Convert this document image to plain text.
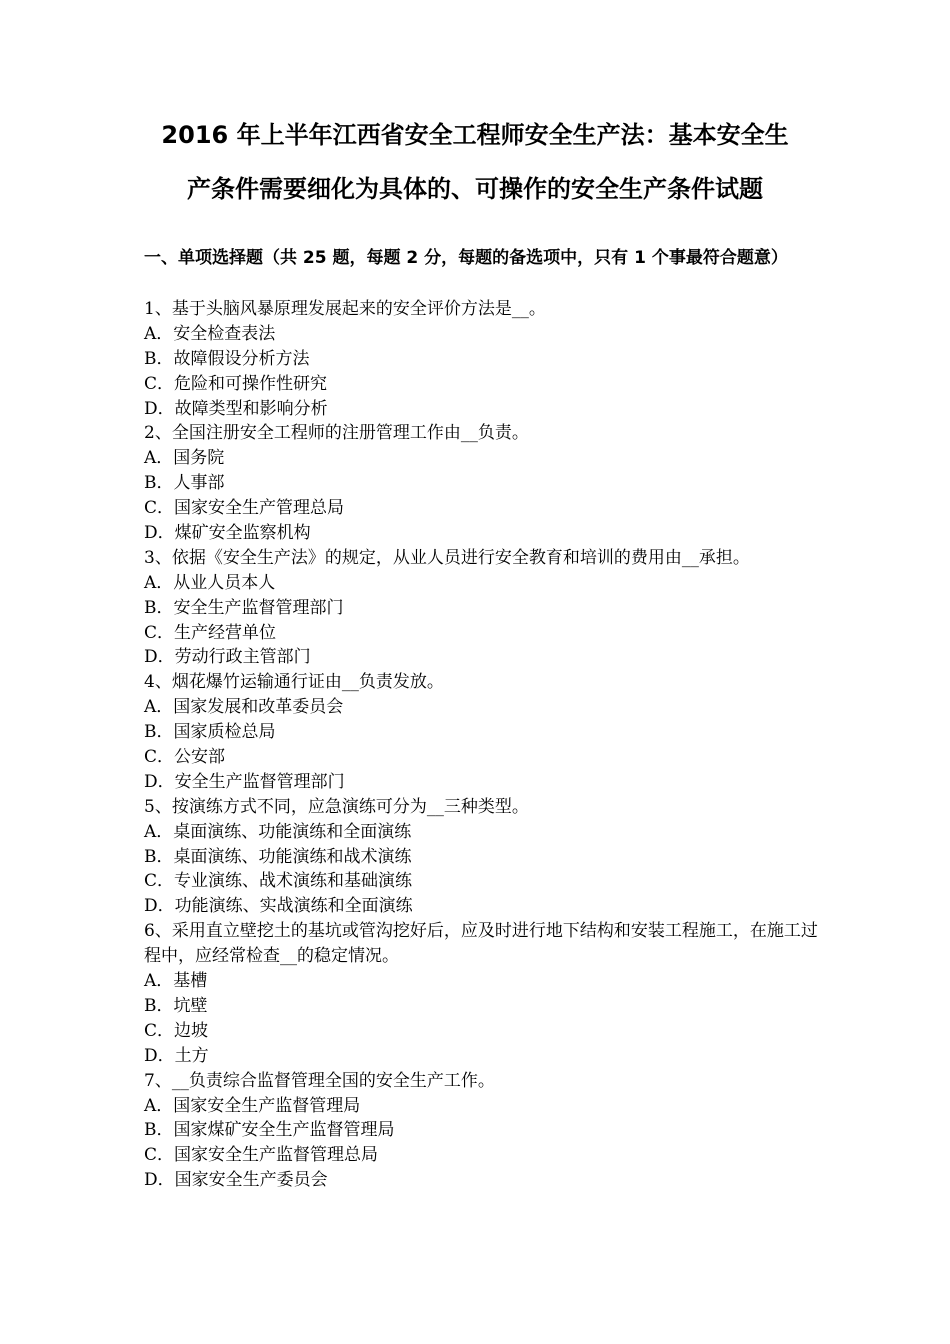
2016 年上半年江西省安全工程师安全生产法：基本安全生
产条件需要细化为具体的、可操作的安全生产条件试题
一、单项选择题（共 25 题，每题 2 分，每题的备选项中，只有 1 个事最符合题意）
1、基于头脑风暴原理发展起来的安全评价方法是__。
A．安全检查表法
B．故障假设分析方法
C．危险和可操作性研究
D．故障类型和影响分析
2、全国注册安全工程师的注册管理工作由__负责。
A．国务院
B．人事部
C．国家安全生产管理总局
D．煤矿安全监察机构
3、依据《安全生产法》的规定，从业人员进行安全教育和培训的费用由__承担。
A．从业人员本人
B．安全生产监督管理部门
C．生产经营单位
D．劳动行政主管部门
4、烟花爆竹运输通行证由__负责发放。
A．国家发展和改革委员会
B．国家质检总局
C．公安部
D．安全生产监督管理部门
5、按演练方式不同，应急演练可分为__三种类型。
A．桌面演练、功能演练和全面演练
B．桌面演练、功能演练和战术演练
C．专业演练、战术演练和基础演练
D．功能演练、实战演练和全面演练
6、采用直立壁挖土的基坑或管沟挖好后，应及时进行地下结构和安装工程施工，在施工过程中，应经常检查__的稳定情况。
A．基槽
B．坑壁
C．边坡
D．土方
7、__负责综合监督管理全国的安全生产工作。
A．国家安全生产监督管理局
B．国家煤矿安全生产监督管理局
C．国家安全生产监督管理总局
D．国家安全生产委员会
